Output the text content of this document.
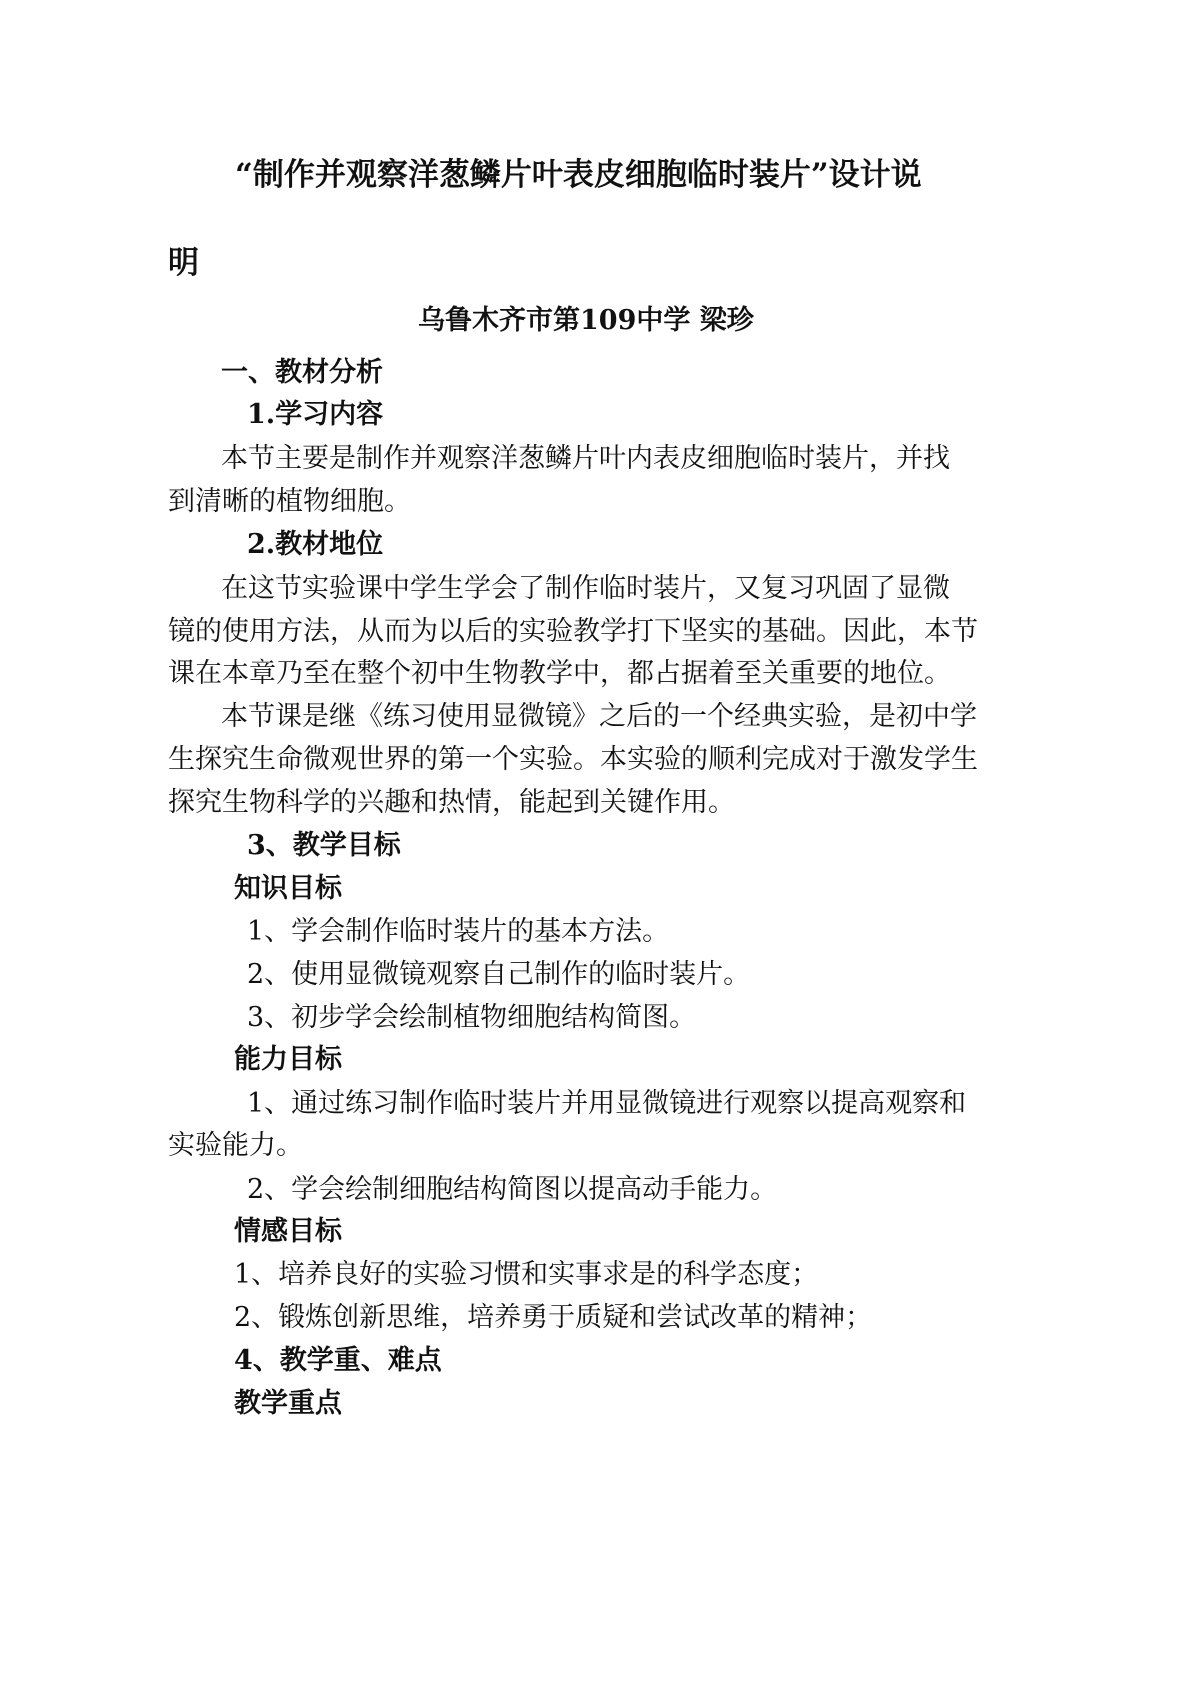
“制作并观察洋葱鳞片叶表皮细胞临时装片”设计说
明
乌鲁木齐市第109中学 梁珍
一、教材分析
1.学习内容
本节主要是制作并观察洋葱鳞片叶内表皮细胞临时装片，并找
到清晰的植物细胞。
2.教材地位
在这节实验课中学生学会了制作临时装片，又复习巩固了显微
镜的使用方法，从而为以后的实验教学打下坚实的基础。因此，本节
课在本章乃至在整个初中生物教学中，都占据着至关重要的地位。
本节课是继《练习使用显微镜》之后的一个经典实验，是初中学
生探究生命微观世界的第一个实验。本实验的顺利完成对于激发学生
探究生物科学的兴趣和热情，能起到关键作用。
3、教学目标
知识目标
1、学会制作临时装片的基本方法。
2、使用显微镜观察自己制作的临时装片。
3、初步学会绘制植物细胞结构简图。
能力目标
1、通过练习制作临时装片并用显微镜进行观察以提高观察和
实验能力。
2、学会绘制细胞结构简图以提高动手能力。
情感目标
1、培养良好的实验习惯和实事求是的科学态度；
2、锻炼创新思维，培养勇于质疑和尝试改革的精神；
4、教学重、难点
教学重点
